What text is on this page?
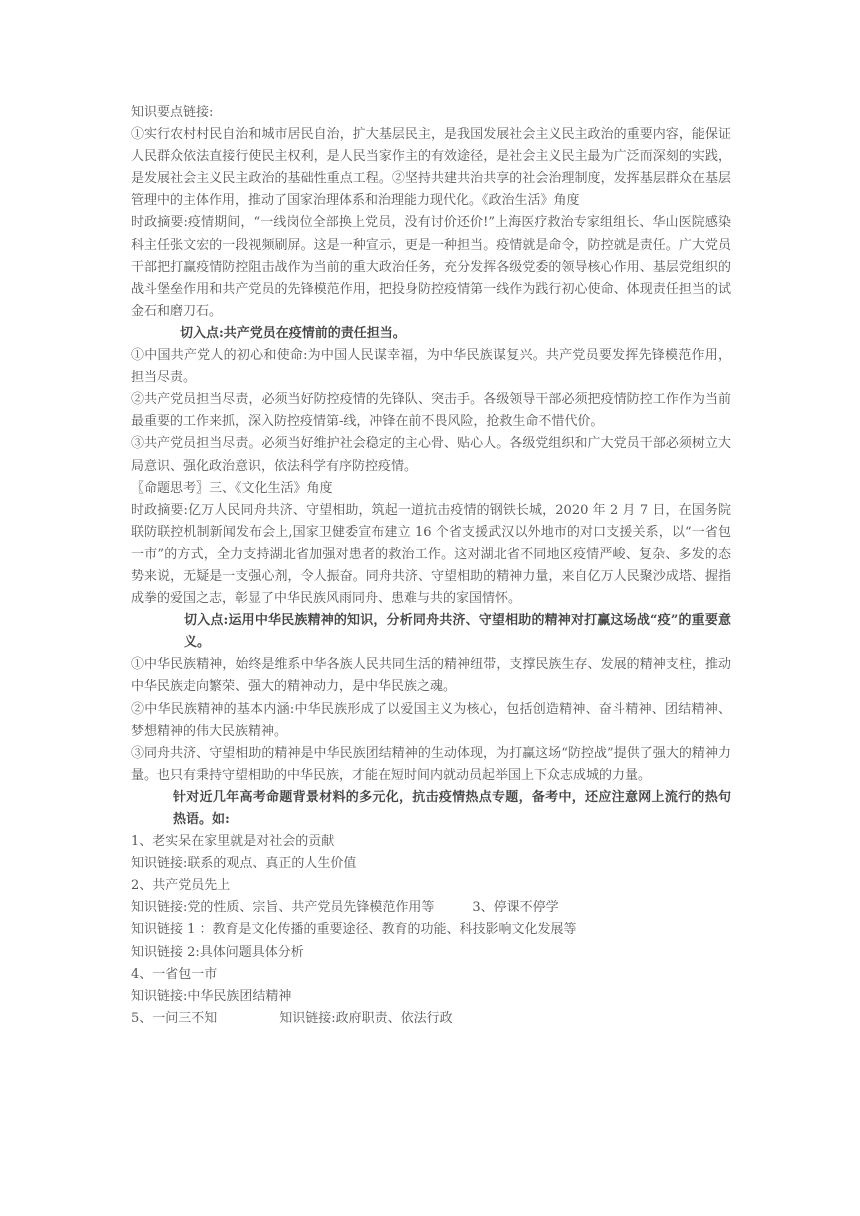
知识要点链接:

①实行农村村民自治和城市居民自治，扩大基层民主，是我国发展社会主义民主政治的重要内容，能保证人民群众依法直接行使民主权利，是人民当家作主的有效途径，是社会主义民主最为广泛而深刻的实践，是发展社会主义民主政治的基础性重点工程。②坚持共建共治共享的社会治理制度，发挥基层群众在基层管理中的主体作用，推动了国家治理体系和治理能力现代化。《政治生活》角度

时政摘要:疫情期间，“一线岗位全部换上党员，没有讨价还价!”上海医疗救治专家组组长、华山医院感染科主任张文宏的一段视频刷屏。这是一种宣示，更是一种担当。疫情就是命令，防控就是责任。广大党员干部把打赢疫情防控阻击战作为当前的重大政治任务，充分发挥各级党委的领导核心作用、基层党组织的战斗堡垒作用和共产党员的先锋模范作用，把投身防控疫情第一线作为践行初心使命、体现责任担当的试金石和磨刀石。

切入点:共产党员在疫情前的责任担当。

①中国共产党人的初心和使命:为中国人民谋幸福，为中华民族谋复兴。共产党员要发挥先锋模范作用，担当尽责。

②共产党员担当尽责，必须当好防控疫情的先锋队、突击手。各级领导干部必须把疫情防控工作作为当前最重要的工作来抓，深入防控疫情第-线，冲锋在前不畏风险，抢救生命不惜代价。

③共产党员担当尽责。必须当好维护社会稳定的主心骨、贴心人。各级党组织和广大党员干部必须树立大局意识、强化政治意识，依法科学有序防控疫情。

〖命题思考〗三、《文化生活》角度

时政摘要:亿万人民同舟共济、守望相助，筑起一道抗击疫情的钢铁长城，2020 年 2 月 7 日，在国务院联防联控机制新闻发布会上,国家卫健委宣布建立 16 个省支援武汉以外地市的对口支援关系，以“一省包一市”的方式，全力支持湖北省加强对患者的救治工作。这对湖北省不同地区疫情严峻、复杂、多发的态势来说，无疑是一支强心剂，令人振奋。同舟共济、守望相助的精神力量，来自亿万人民聚沙成塔、握指成拳的爱国之志，彰显了中华民族风雨同舟、患难与共的家国情怀。

切入点:运用中华民族精神的知识，分析同舟共济、守望相助的精神对打赢这场战“疫”的重要意义。

①中华民族精神，始终是维系中华各族人民共同生活的精神纽带，支撑民族生存、发展的精神支柱，推动中华民族走向繁荣、强大的精神动力，是中华民族之魂。

②中华民族精神的基本内涵:中华民族形成了以爱国主义为核心，包括创造精神、奋斗精神、团结精神、梦想精神的伟大民族精神。

③同舟共济、守望相助的精神是中华民族团结精神的生动体现，为打赢这场“防控战”提供了强大的精神力量。也只有秉持守望相助的中华民族，才能在短时间内就动员起举国上下众志成城的力量。

针对近几年高考命题背景材料的多元化，抗击疫情热点专题，备考中，还应注意网上流行的热句热语。如:

1、老实呆在家里就是对社会的贡献

知识链接:联系的观点、真正的人生价值

2、共产党员先上

知识链接:党的性质、宗旨、共产党员先锋模范作用等	3、停课不停学

知识链接 1 ：教育是文化传播的重要途径、教育的功能、科技影响文化发展等

知识链接 2:具体问题具体分析

4、一省包一市

知识链接:中华民族团结精神

5、一问三不知	知识链接:政府职责、依法行政
